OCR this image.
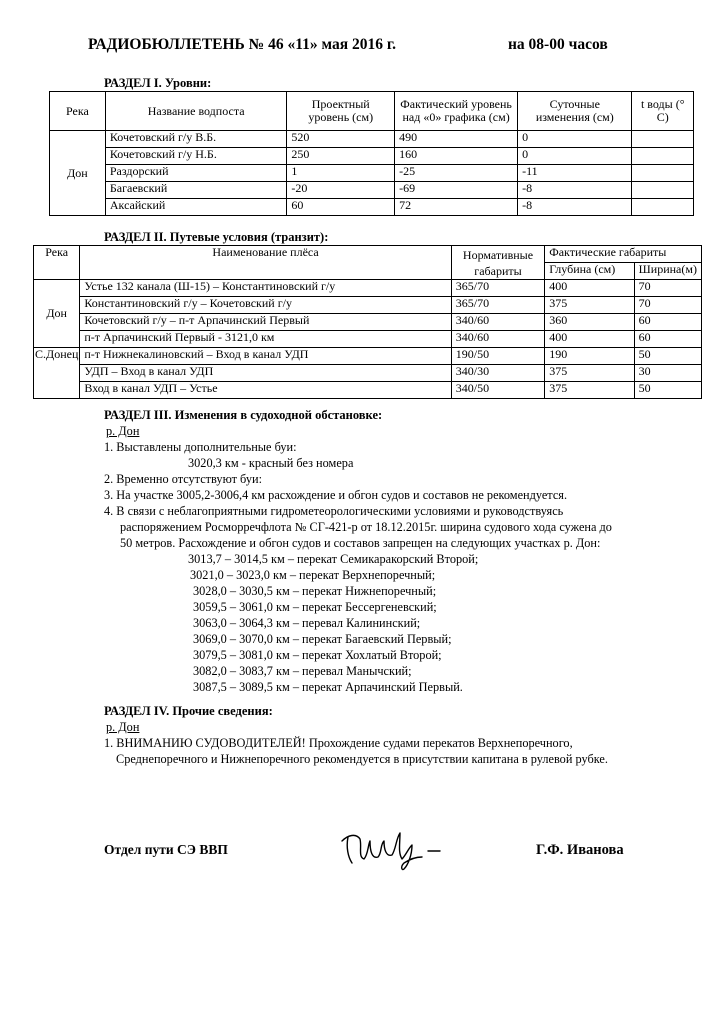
РАДИОБЮЛЛЕТЕНЬ № 46 «11» мая 2016 г.	на 08-00 часов
РАЗДЕЛ I. Уровни:
Река	Название водпоста	Проектный уровень (см)	Фактический уровень над «0» графика (см)	Суточные изменения (см)	t воды (° С)
Дон	Кочетовский г/у В.Б.	520	490	0	
	Кочетовский г/у Н.Б.	250	160	0	
	Раздорский	1	-25	-11	
	Багаевский	-20	-69	-8	
	Аксайский	60	72	-8	
РАЗДЕЛ II. Путевые условия (транзит):
Река	Наименование плёса	Нормативные габариты	Фактические габариты	
			Глубина (см)	Ширина(м)
Дон	Устье 132 канала (Ш-15) – Константиновский г/у	365/70	400	70
	Константиновский г/у – Кочетовский г/у	365/70	375	70
	Кочетовский г/у – п-т Арпачинский Первый	340/60	360	60
	п-т Арпачинский Первый - 3121,0 км	340/60	400	60
С.Донец	п-т Нижнекалиновский – Вход в канал УДП	190/50	190	50
	УДП – Вход в канал УДП	340/30	375	30
	Вход в канал УДП – Устье	340/50	375	50
РАЗДЕЛ III. Изменения в судоходной обстановке:
р. Дон
1. Выставлены дополнительные буи:
3020,3 км - красный без номера
2. Временно отсутствуют буи:
3. На участке 3005,2-3006,4 км расхождение и обгон судов и составов не рекомендуется.
4. В связи с неблагоприятными гидрометеорологическими условиями и руководствуясь
распоряжением Росморречфлота № СГ-421-р от 18.12.2015г. ширина судового хода сужена до
50 метров. Расхождение и обгон судов и составов запрещен на следующих участках р. Дон:
3013,7 – 3014,5 км – перекат Семикаракорский Второй;
3021,0 – 3023,0 км – перекат Верхнепоречный;
3028,0 – 3030,5 км – перекат Нижнепоречный;
3059,5 – 3061,0 км – перекат Бессергеневский;
3063,0 – 3064,3 км – перевал Калининский;
3069,0 – 3070,0 км – перекат Багаевский Первый;
3079,5 – 3081,0 км – перекат Хохлатый Второй;
3082,0 – 3083,7 км – перевал Манычский;
3087,5 – 3089,5 км – перекат Арпачинский Первый.
РАЗДЕЛ IV. Прочие сведения:
р. Дон
1. ВНИМАНИЮ СУДОВОДИТЕЛЕЙ! Прохождение судами перекатов Верхнепоречного,
Среднепоречного и Нижнепоречного рекомендуется в присутствии капитана в рулевой рубке.
Отдел пути СЭ ВВП	Г.Ф. Иванова
